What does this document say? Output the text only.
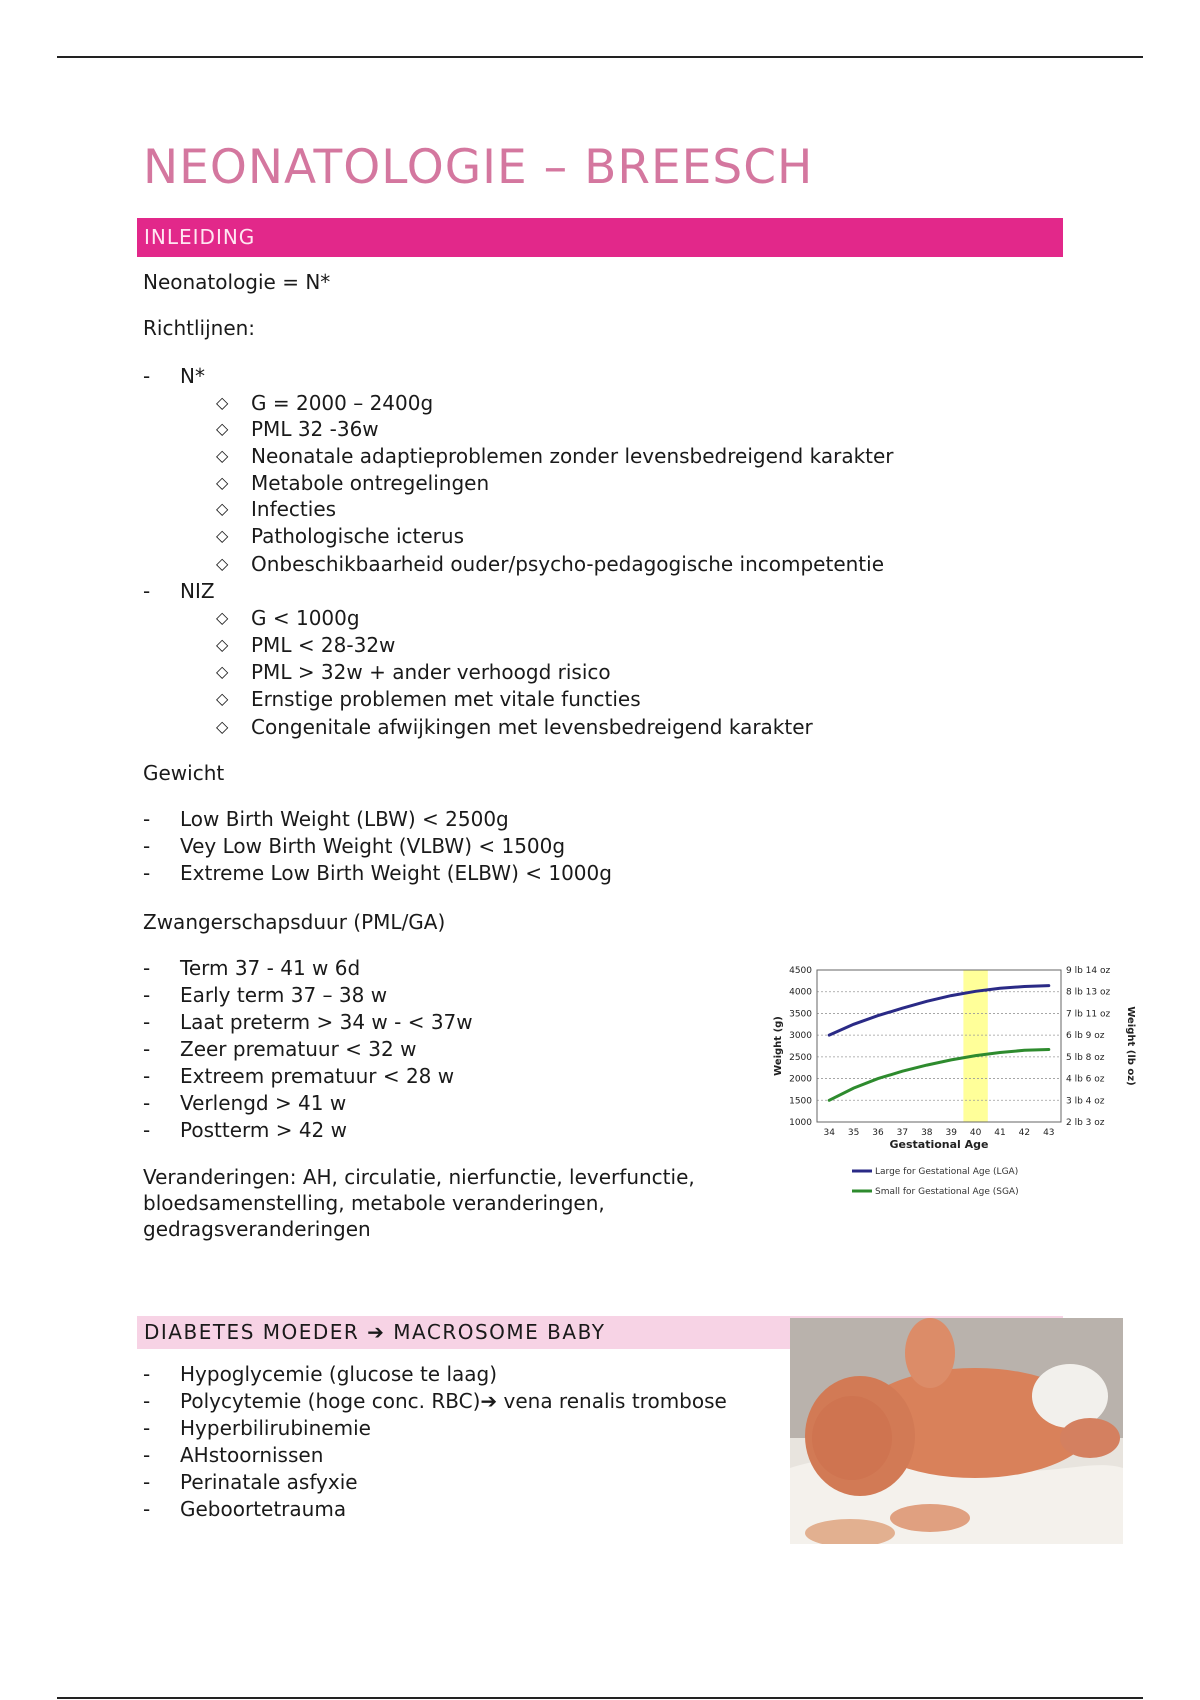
NEONATOLOGIE – BREESCH
INLEIDING
Neonatologie = N*
Richtlijnen:
- N*
◇ G = 2000 – 2400g
◇ PML 32 -36w
◇ Neonatale adaptieproblemen zonder levensbedreigend karakter
◇ Metabole ontregelingen
◇ Infecties
◇ Pathologische icterus
◇ Onbeschikbaarheid ouder/psycho-pedagogische incompetentie
- NIZ
◇ G < 1000g
◇ PML < 28-32w
◇ PML > 32w + ander verhoogd risico
◇ Ernstige problemen met vitale functies
◇ Congenitale afwijkingen met levensbedreigend karakter
Gewicht
- Low Birth Weight (LBW) < 2500g
- Vey Low Birth Weight (VLBW) < 1500g
- Extreme Low Birth Weight (ELBW) < 1000g
Zwangerschapsduur (PML/GA)
- Term 37 - 41 w 6d
- Early term 37 – 38 w
- Laat preterm > 34 w - < 37w
- Zeer prematuur < 32 w
- Extreem prematuur < 28 w
- Verlengd > 41 w
- Postterm > 42 w
- Hypoglycemie (glucose te laag)
- Polycytemie (hoge conc. RBC)➔ vena renalis trombose
- Hyperbilirubinemie
- AHstoornissen
- Perinatale asfyxie
- Geboortetrauma
Veranderingen: AH, circulatie, nierfunctie, leverfunctie,
bloedsamenstelling, metabole veranderingen,
gedragsveranderingen
1000	2 lb 3 oz
1500	3 lb 4 oz
2000	4 lb 6 oz
2500	5 lb 8 oz
3000	6 lb 9 oz
3500	7 lb 11 oz
4000	8 lb 13 oz
4500	9 lb 14 oz
34 35 36 37 38 39 40 41 42 43
Gestational Age
Weight (g)	Weight (lb oz)
Large for Gestational Age (LGA)
Small for Gestational Age (SGA)
DIABETES MOEDER ➔ MACROSOME BABY
